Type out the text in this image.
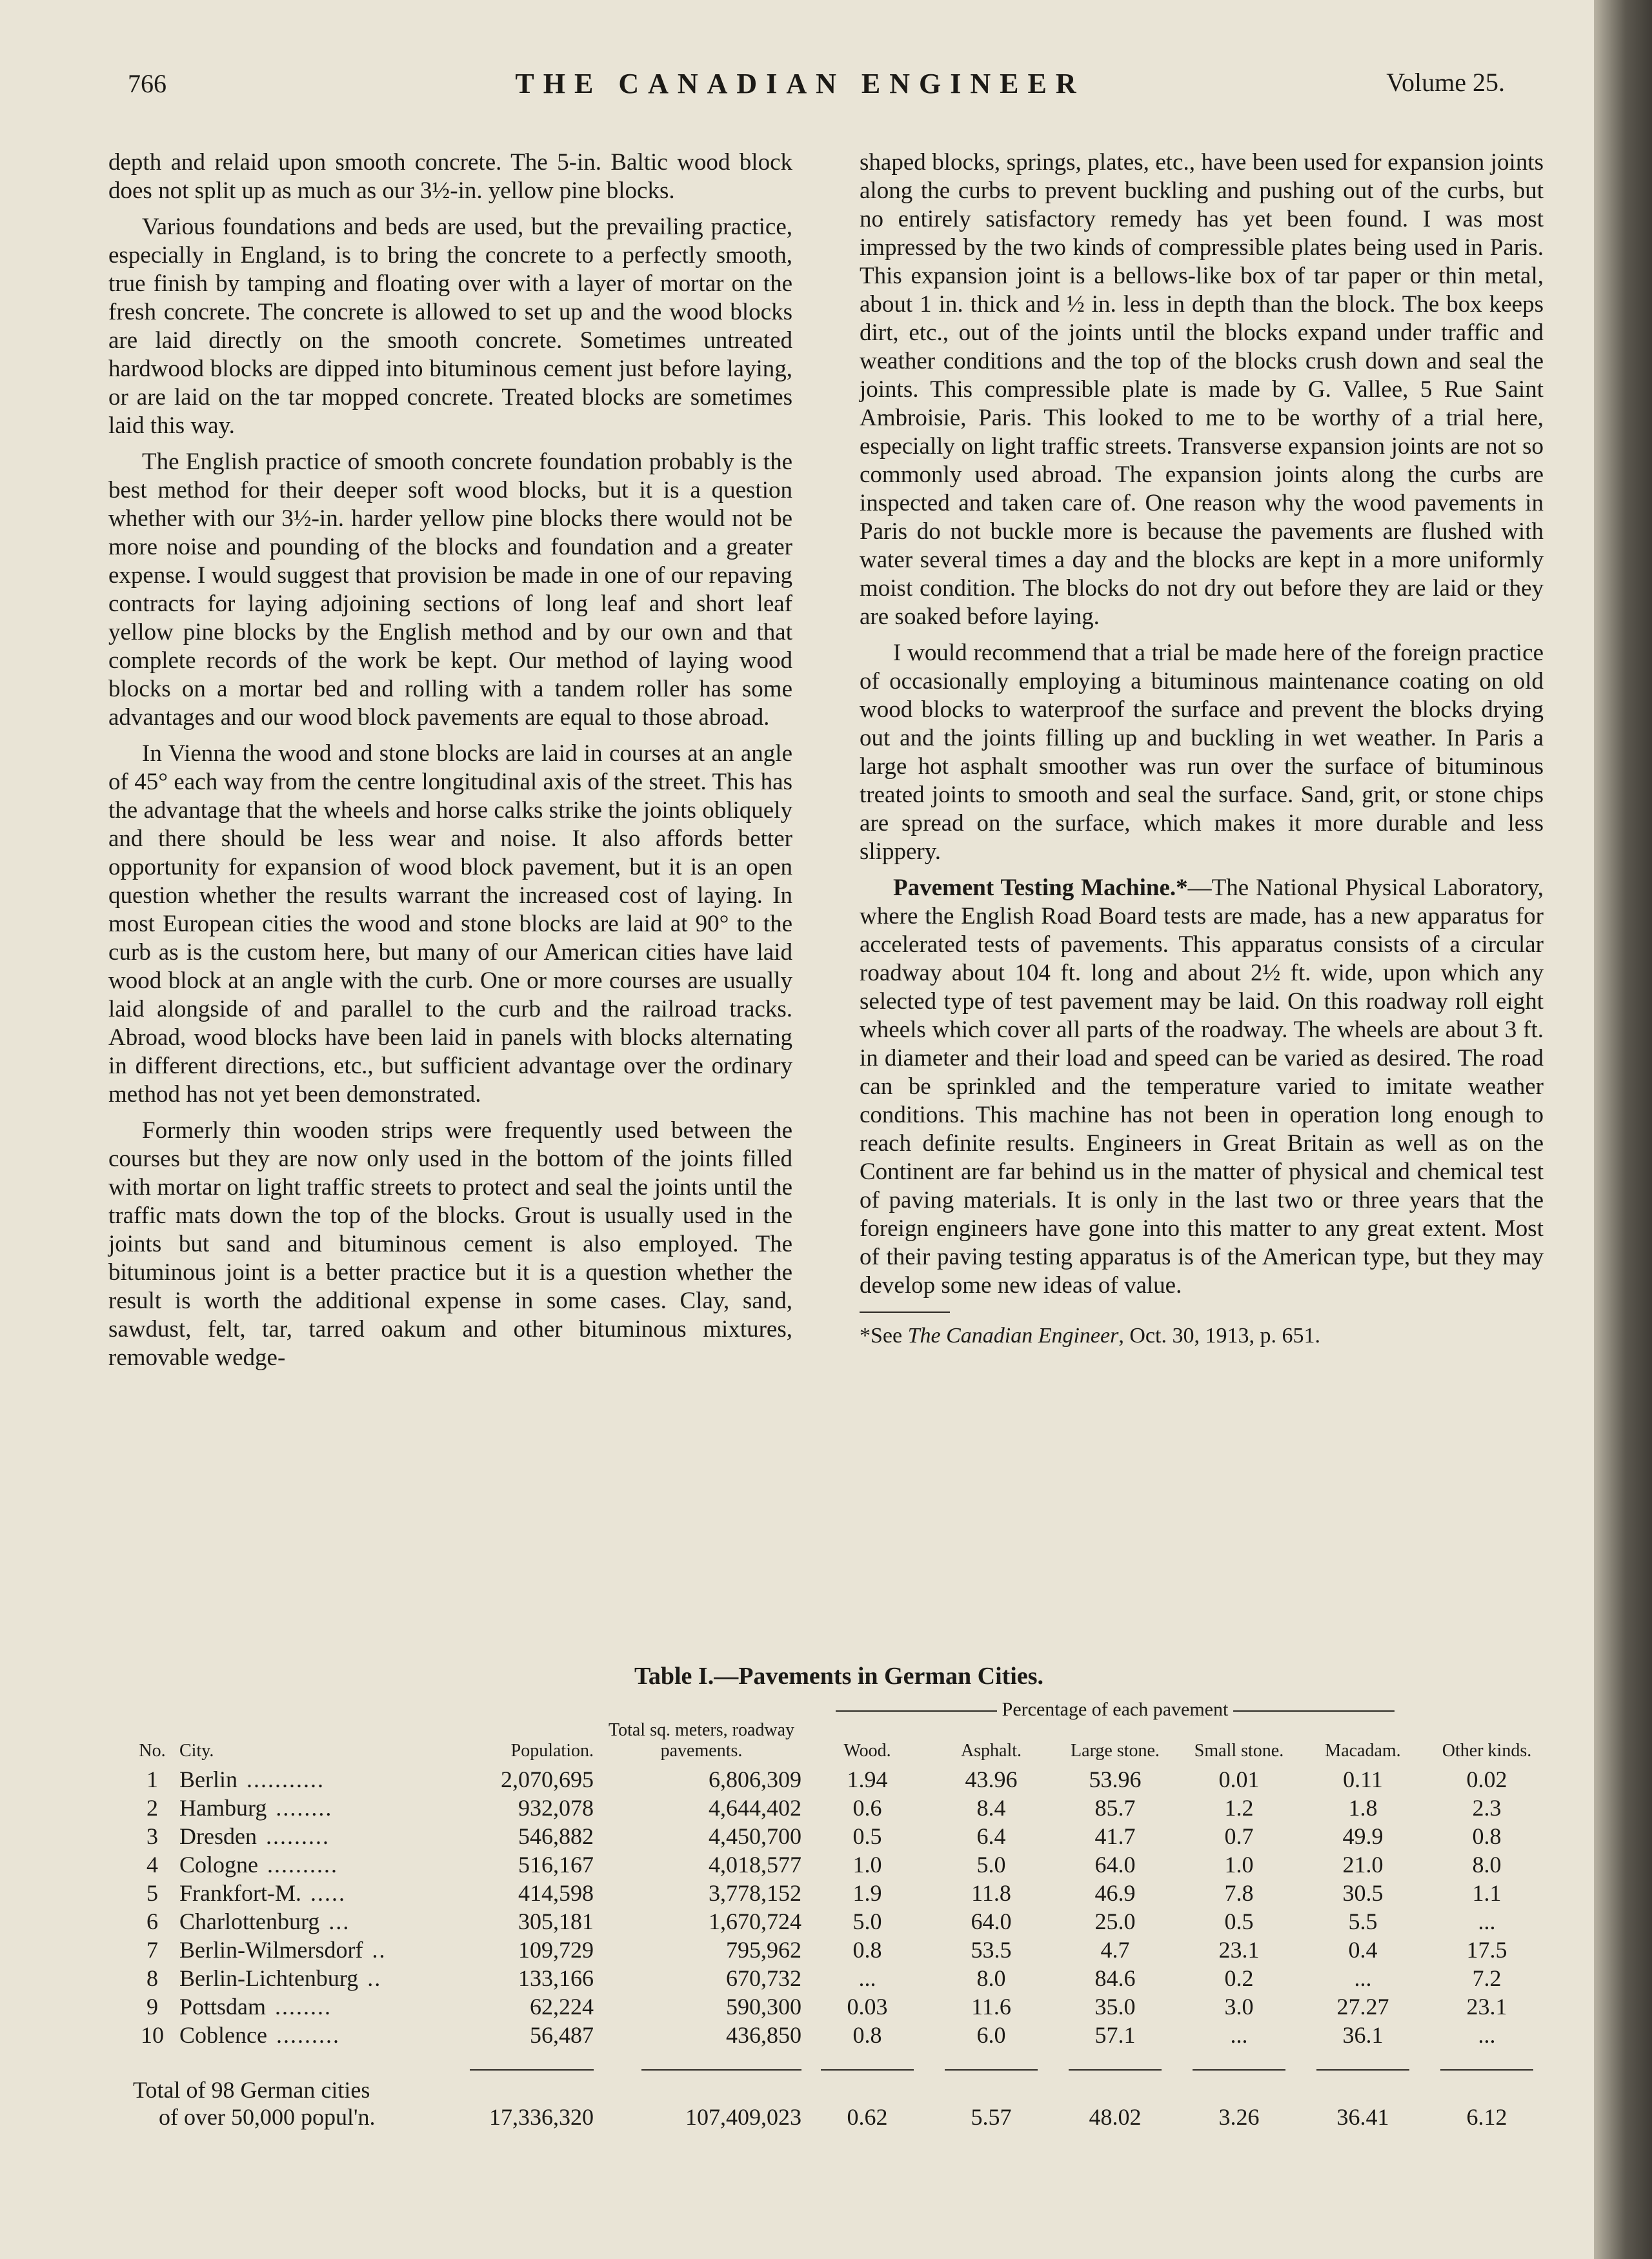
766	THE CANADIAN ENGINEER	Volume 25.

depth and relaid upon smooth concrete. The 5-in. Baltic wood block does not split up as much as our 3½-in. yellow pine blocks.

Various foundations and beds are used, but the prevailing practice, especially in England, is to bring the concrete to a perfectly smooth, true finish by tamping and floating over with a layer of mortar on the fresh concrete. The concrete is allowed to set up and the wood blocks are laid directly on the smooth concrete. Sometimes untreated hardwood blocks are dipped into bituminous cement just before laying, or are laid on the tar mopped concrete. Treated blocks are sometimes laid this way.

The English practice of smooth concrete foundation probably is the best method for their deeper soft wood blocks, but it is a question whether with our 3½-in. harder yellow pine blocks there would not be more noise and pounding of the blocks and foundation and a greater expense. I would suggest that provision be made in one of our repaving contracts for laying adjoining sections of long leaf and short leaf yellow pine blocks by the English method and by our own and that complete records of the work be kept. Our method of laying wood blocks on a mortar bed and rolling with a tandem roller has some advantages and our wood block pavements are equal to those abroad.

In Vienna the wood and stone blocks are laid in courses at an angle of 45° each way from the centre longitudinal axis of the street. This has the advantage that the wheels and horse calks strike the joints obliquely and there should be less wear and noise. It also affords better opportunity for expansion of wood block pavement, but it is an open question whether the results warrant the increased cost of laying. In most European cities the wood and stone blocks are laid at 90° to the curb as is the custom here, but many of our American cities have laid wood block at an angle with the curb. One or more courses are usually laid alongside of and parallel to the curb and the railroad tracks. Abroad, wood blocks have been laid in panels with blocks alternating in different directions, etc., but sufficient advantage over the ordinary method has not yet been demonstrated.

Formerly thin wooden strips were frequently used between the courses but they are now only used in the bottom of the joints filled with mortar on light traffic streets to protect and seal the joints until the traffic mats down the top of the blocks. Grout is usually used in the joints but sand and bituminous cement is also employed. The bituminous joint is a better practice but it is a question whether the result is worth the additional expense in some cases. Clay, sand, sawdust, felt, tar, tarred oakum and other bituminous mixtures, removable wedge-

shaped blocks, springs, plates, etc., have been used for expansion joints along the curbs to prevent buckling and pushing out of the curbs, but no entirely satisfactory remedy has yet been found. I was most impressed by the two kinds of compressible plates being used in Paris. This expansion joint is a bellows-like box of tar paper or thin metal, about 1 in. thick and ½ in. less in depth than the block. The box keeps dirt, etc., out of the joints until the blocks expand under traffic and weather conditions and the top of the blocks crush down and seal the joints. This compressible plate is made by G. Vallee, 5 Rue Saint Ambroisie, Paris. This looked to me to be worthy of a trial here, especially on light traffic streets. Transverse expansion joints are not so commonly used abroad. The expansion joints along the curbs are inspected and taken care of. One reason why the wood pavements in Paris do not buckle more is because the pavements are flushed with water several times a day and the blocks are kept in a more uniformly moist condition. The blocks do not dry out before they are laid or they are soaked before laying.

I would recommend that a trial be made here of the foreign practice of occasionally employing a bituminous maintenance coating on old wood blocks to waterproof the surface and prevent the blocks drying out and the joints filling up and buckling in wet weather. In Paris a large hot asphalt smoother was run over the surface of bituminous treated joints to smooth and seal the surface. Sand, grit, or stone chips are spread on the surface, which makes it more durable and less slippery.

Pavement Testing Machine.*—The National Physical Laboratory, where the English Road Board tests are made, has a new apparatus for accelerated tests of pavements. This apparatus consists of a circular roadway about 104 ft. long and about 2½ ft. wide, upon which any selected type of test pavement may be laid. On this roadway roll eight wheels which cover all parts of the roadway. The wheels are about 3 ft. in diameter and their load and speed can be varied as desired. The road can be sprinkled and the temperature varied to imitate weather conditions. This machine has not been in operation long enough to reach definite results. Engineers in Great Britain as well as on the Continent are far behind us in the matter of physical and chemical test of paving materials. It is only in the last two or three years that the foreign engineers have gone into this matter to any great extent. Most of their paving testing apparatus is of the American type, but they may develop some new ideas of value.

*See The Canadian Engineer, Oct. 30, 1913, p. 651.

Table I.—Pavements in German Cities.
				Percentage of each pavement					
No.	City.	Population.	Total sq. meters, roadway pavements.	Wood.	Asphalt.	Large stone.	Small stone.	Macadam.	Other kinds.
1	Berlin ...........	2,070,695	6,806,309	1.94	43.96	53.96	0.01	0.11	0.02
2	Hamburg ........	932,078	4,644,402	0.6	8.4	85.7	1.2	1.8	2.3
3	Dresden .........	546,882	4,450,700	0.5	6.4	41.7	0.7	49.9	0.8
4	Cologne ..........	516,167	4,018,577	1.0	5.0	64.0	1.0	21.0	8.0
5	Frankfort-M. .....	414,598	3,778,152	1.9	11.8	46.9	7.8	30.5	1.1
6	Charlottenburg ...	305,181	1,670,724	5.0	64.0	25.0	0.5	5.5	...
7	Berlin-Wilmersdorf ..	109,729	795,962	0.8	53.5	4.7	23.1	0.4	17.5
8	Berlin-Lichtenburg ..	133,166	670,732	...	8.0	84.6	0.2	...	7.2
9	Pottsdam ........	62,224	590,300	0.03	11.6	35.0	3.0	27.27	23.1
10	Coblence .........	56,487	436,850	0.8	6.0	57.1	...	36.1	...

Total of 98 German cities
of over 50,000 popul'n.		17,336,320	107,409,023	0.62	5.57	48.02	3.26	36.41	6.12
